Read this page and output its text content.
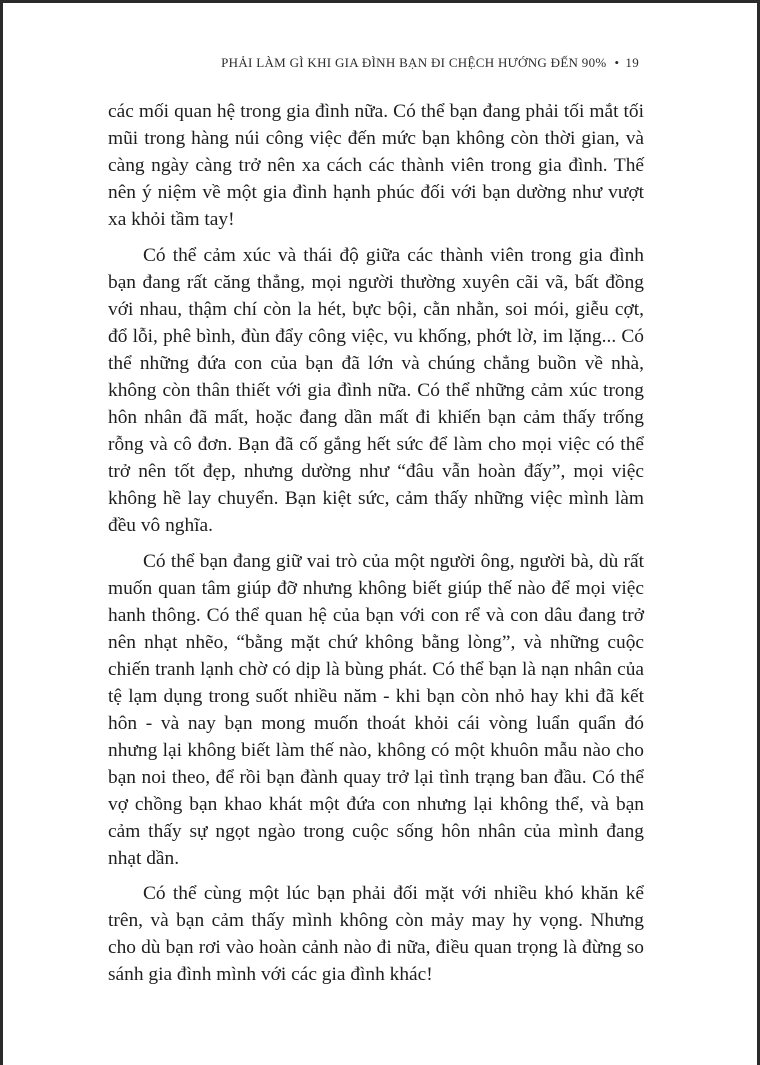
PHẢI LÀM GÌ KHI GIA ĐÌNH BẠN ĐI CHỆCH HƯỚNG ĐẾN 90% • 19

các mối quan hệ trong gia đình nữa. Có thể bạn đang phải tối mắt tối mũi trong hàng núi công việc đến mức bạn không còn thời gian, và càng ngày càng trở nên xa cách các thành viên trong gia đình. Thế nên ý niệm về một gia đình hạnh phúc đối với bạn dường như vượt xa khỏi tầm tay!

Có thể cảm xúc và thái độ giữa các thành viên trong gia đình bạn đang rất căng thẳng, mọi người thường xuyên cãi vã, bất đồng với nhau, thậm chí còn la hét, bực bội, cằn nhằn, soi mói, giễu cợt, đổ lỗi, phê bình, đùn đẩy công việc, vu khống, phớt lờ, im lặng... Có thể những đứa con của bạn đã lớn và chúng chẳng buồn về nhà, không còn thân thiết với gia đình nữa. Có thể những cảm xúc trong hôn nhân đã mất, hoặc đang dần mất đi khiến bạn cảm thấy trống rỗng và cô đơn. Bạn đã cố gắng hết sức để làm cho mọi việc có thể trở nên tốt đẹp, nhưng dường như “đâu vẫn hoàn đấy”, mọi việc không hề lay chuyển. Bạn kiệt sức, cảm thấy những việc mình làm đều vô nghĩa.

Có thể bạn đang giữ vai trò của một người ông, người bà, dù rất muốn quan tâm giúp đỡ nhưng không biết giúp thế nào để mọi việc hanh thông. Có thể quan hệ của bạn với con rể và con dâu đang trở nên nhạt nhẽo, “bằng mặt chứ không bằng lòng”, và những cuộc chiến tranh lạnh chờ có dịp là bùng phát. Có thể bạn là nạn nhân của tệ lạm dụng trong suốt nhiều năm - khi bạn còn nhỏ hay khi đã kết hôn - và nay bạn mong muốn thoát khỏi cái vòng luẩn quẩn đó nhưng lại không biết làm thế nào, không có một khuôn mẫu nào cho bạn noi theo, để rồi bạn đành quay trở lại tình trạng ban đầu. Có thể vợ chồng bạn khao khát một đứa con nhưng lại không thể, và bạn cảm thấy sự ngọt ngào trong cuộc sống hôn nhân của mình đang nhạt dần.

Có thể cùng một lúc bạn phải đối mặt với nhiều khó khăn kể trên, và bạn cảm thấy mình không còn mảy may hy vọng. Nhưng cho dù bạn rơi vào hoàn cảnh nào đi nữa, điều quan trọng là đừng so sánh gia đình mình với các gia đình khác!
